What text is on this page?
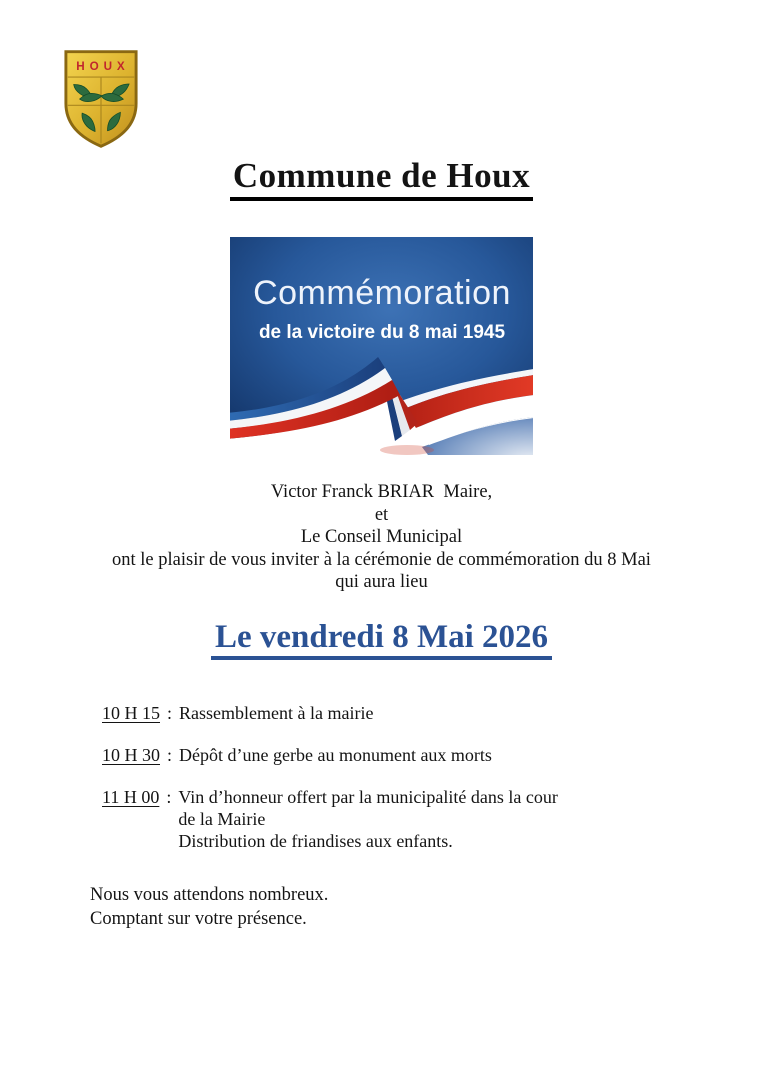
HOUX
Commune de Houx
Commémoration
de la victoire du 8 mai 1945
Victor Franck BRIAR  Maire,
et
Le Conseil Municipal
ont le plaisir de vous inviter à la cérémonie de commémoration du 8 Mai
qui aura lieu
Le vendredi 8 Mai 2026
10 H 15 : Rassemblement à la mairie
10 H 30 : Dépôt d’une gerbe au monument aux morts
11 H 00 : Vin d’honneur offert par la municipalité dans la cour
de la Mairie
Distribution de friandises aux enfants.
Nous vous attendons nombreux.
Comptant sur votre présence.
